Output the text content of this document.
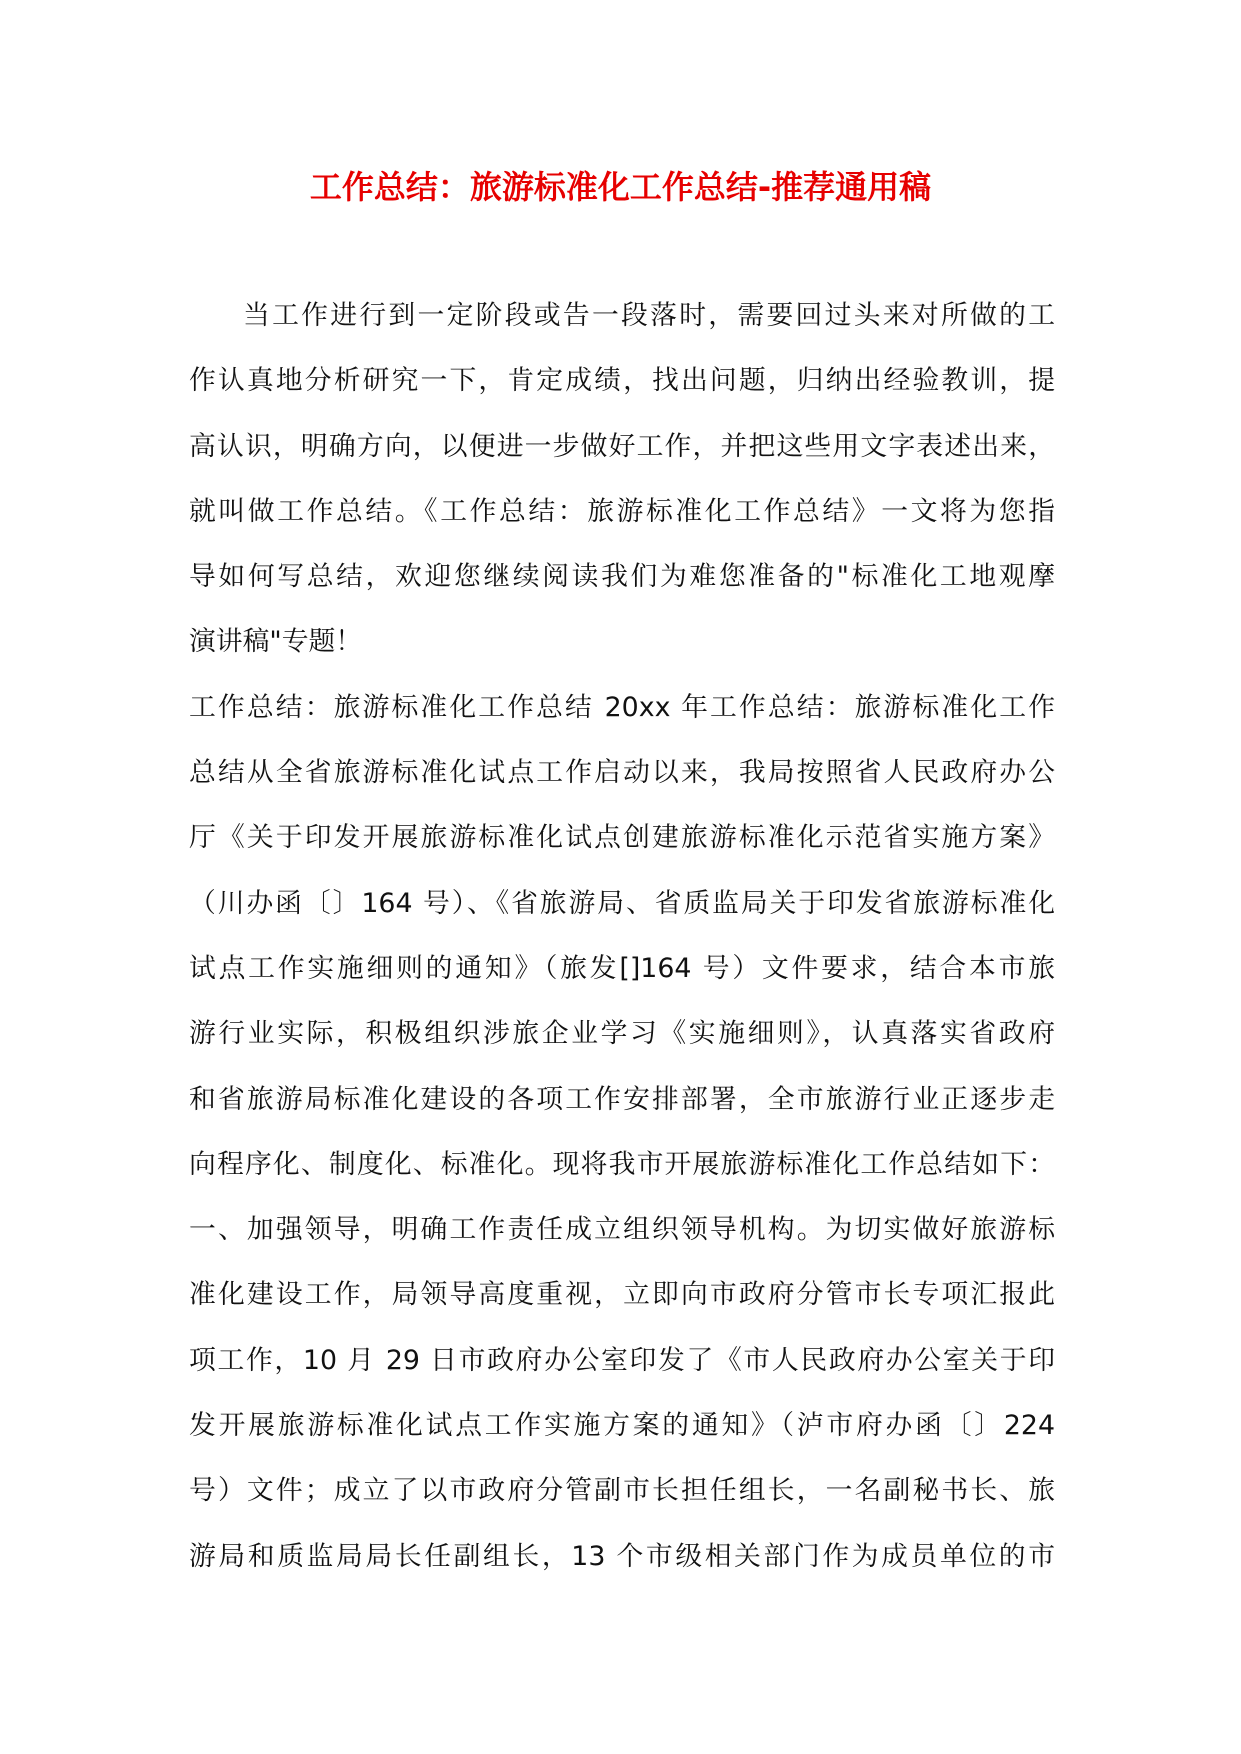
工作总结：旅游标准化工作总结-推荐通用稿
当工作进行到一定阶段或告一段落时，需要回过头来对所做的工
作认真地分析研究一下，肯定成绩，找出问题，归纳出经验教训，提
高认识，明确方向，以便进一步做好工作，并把这些用文字表述出来，
就叫做工作总结。《工作总结：旅游标准化工作总结》一文将为您指
导如何写总结，欢迎您继续阅读我们为难您准备的"标准化工地观摩
演讲稿"专题！
工作总结：旅游标准化工作总结 20xx 年工作总结：旅游标准化工作
总结从全省旅游标准化试点工作启动以来，我局按照省人民政府办公
厅《关于印发开展旅游标准化试点创建旅游标准化示范省实施方案》
（川办函〔〕164 号）、《省旅游局、省质监局关于印发省旅游标准化
试点工作实施细则的通知》（旅发[]164 号）文件要求，结合本市旅
游行业实际，积极组织涉旅企业学习《实施细则》，认真落实省政府
和省旅游局标准化建设的各项工作安排部署，全市旅游行业正逐步走
向程序化、制度化、标准化。现将我市开展旅游标准化工作总结如下：
一、加强领导，明确工作责任成立组织领导机构。为切实做好旅游标
准化建设工作，局领导高度重视，立即向市政府分管市长专项汇报此
项工作，10 月 29 日市政府办公室印发了《市人民政府办公室关于印
发开展旅游标准化试点工作实施方案的通知》（泸市府办函〔〕224
号）文件；成立了以市政府分管副市长担任组长，一名副秘书长、旅
游局和质监局局长任副组长，13 个市级相关部门作为成员单位的市
